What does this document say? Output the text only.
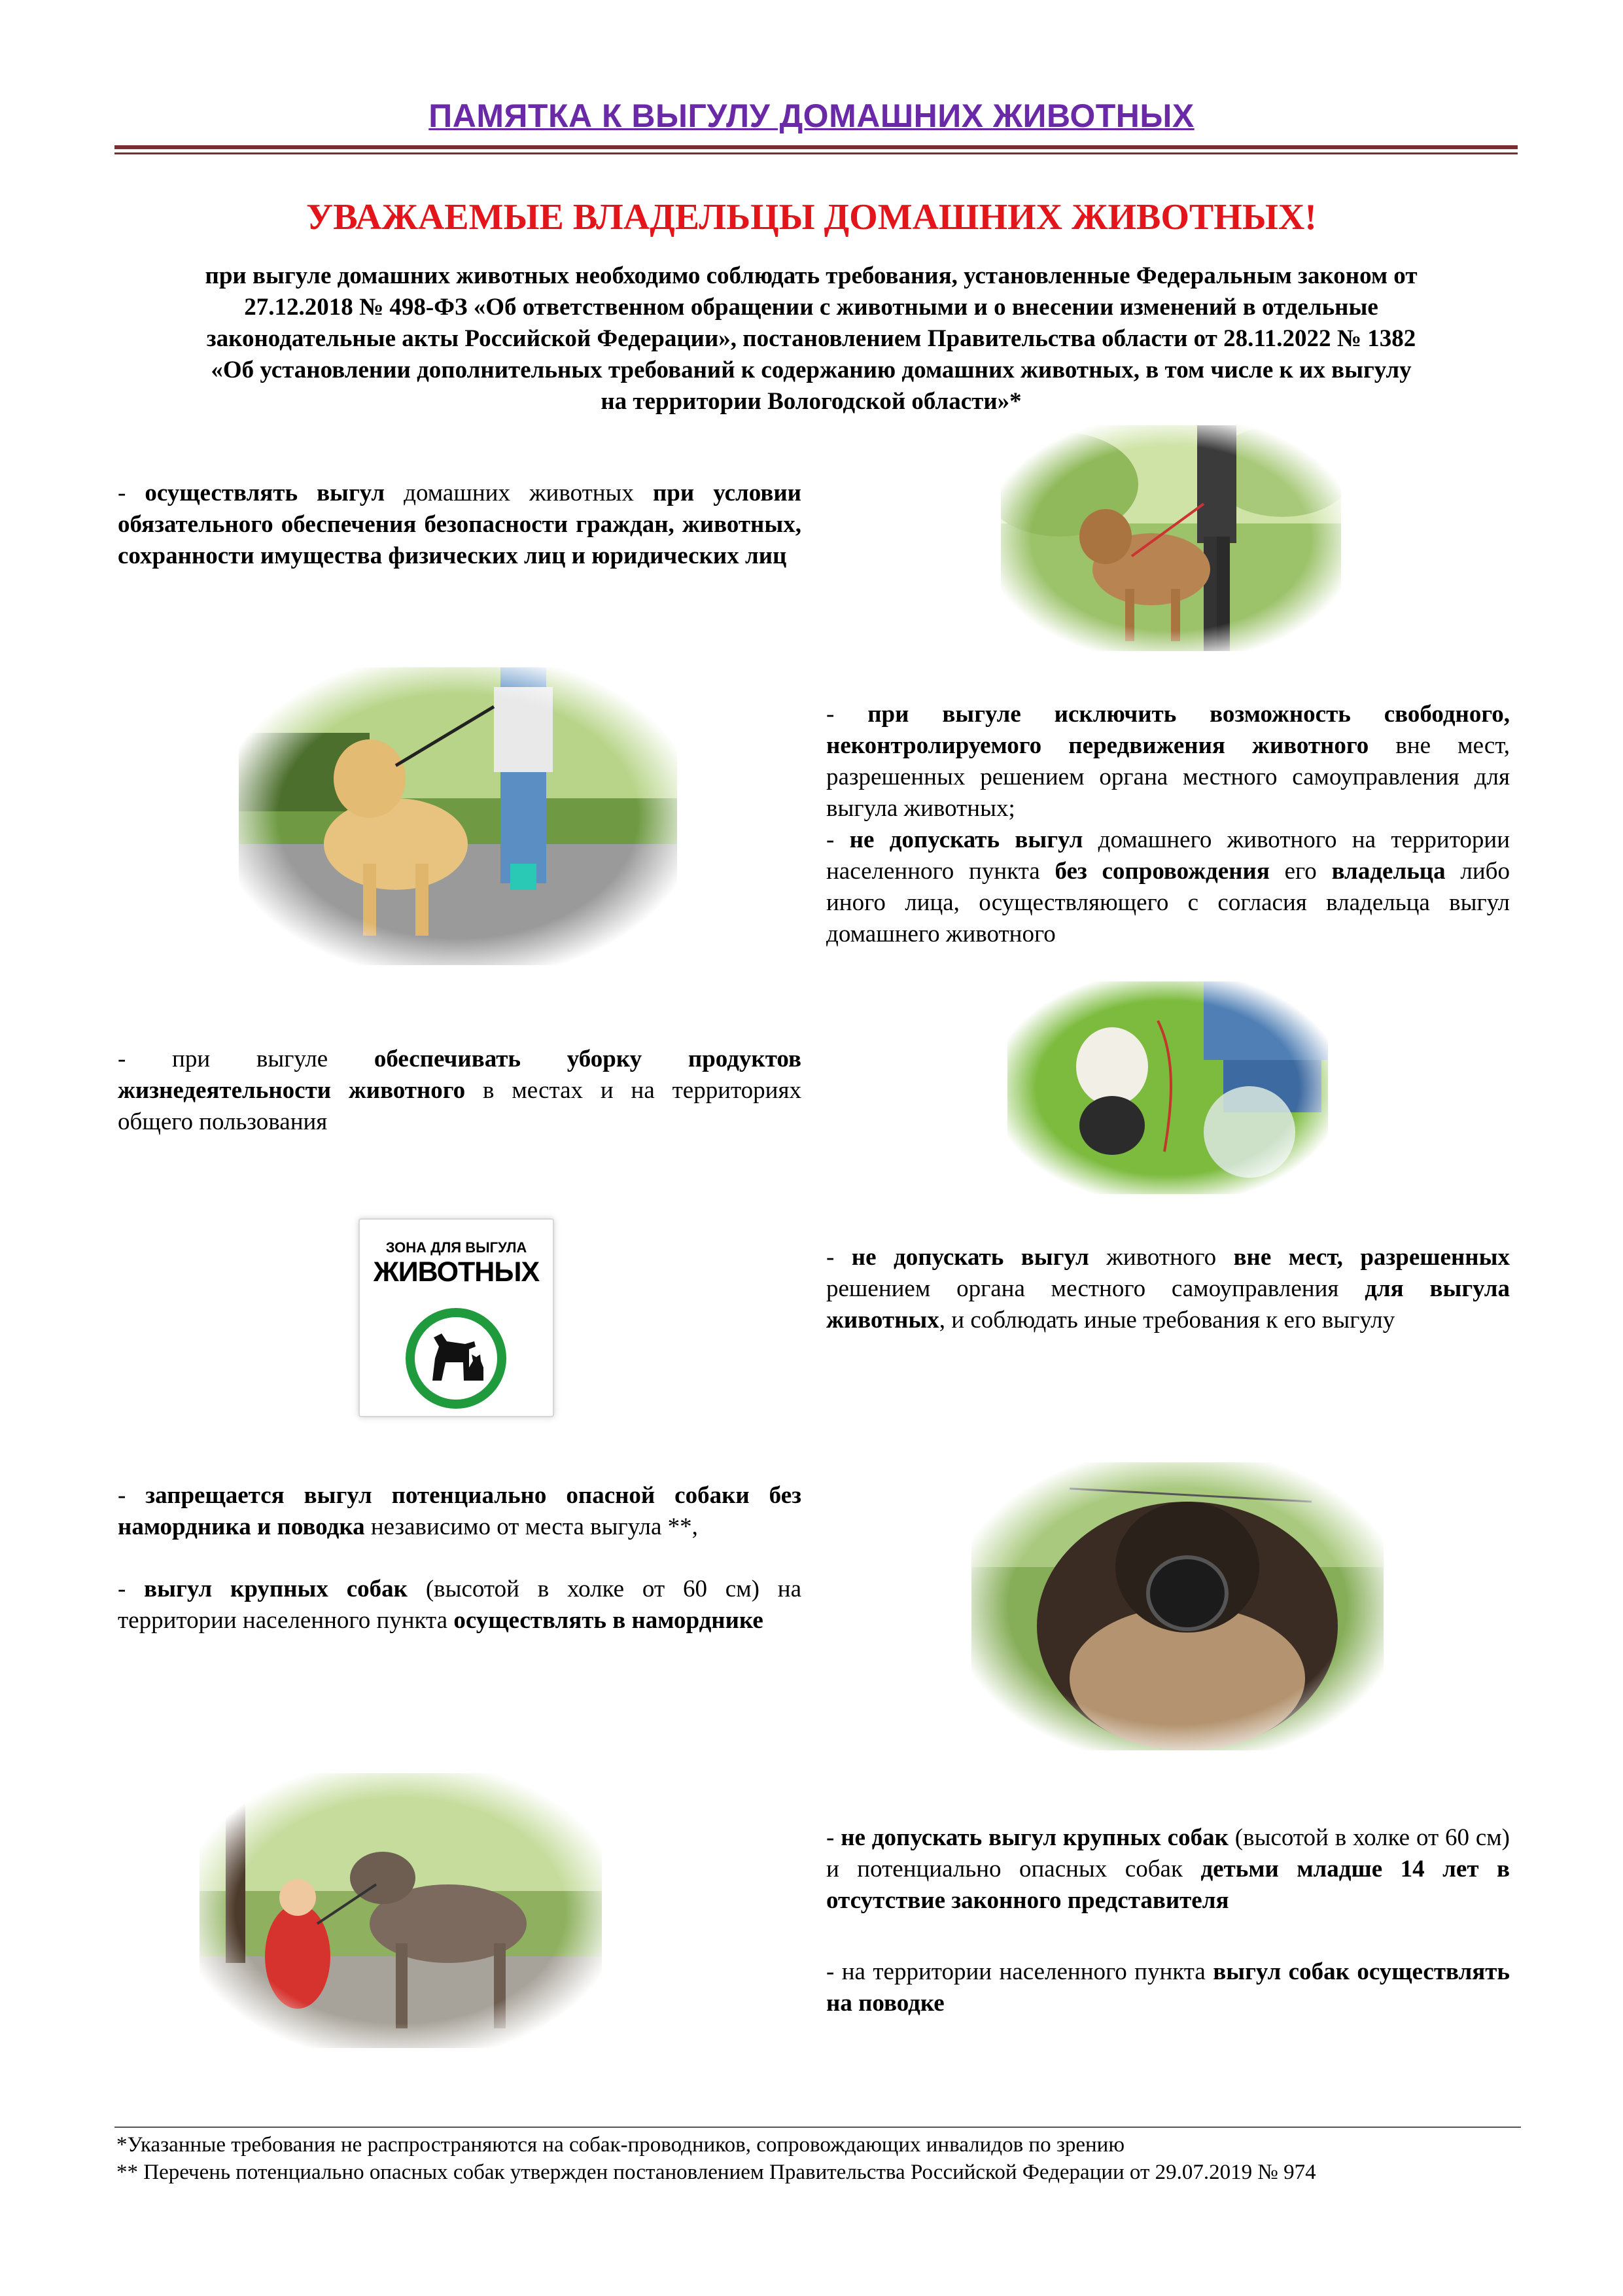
ПАМЯТКА К ВЫГУЛУ ДОМАШНИХ ЖИВОТНЫХ
УВАЖАЕМЫЕ ВЛАДЕЛЬЦЫ ДОМАШНИХ ЖИВОТНЫХ!
при выгуле домашних животных необходимо соблюдать требования, установленные Федеральным законом от
27.12.2018 № 498-ФЗ «Об ответственном обращении с животными и о внесении изменений в отдельные
законодательные акты Российской Федерации», постановлением Правительства области от 28.11.2022 № 1382
«Об установлении дополнительных требований к содержанию домашних животных, в том числе к их выгулу
на территории Вологодской области»*
- осуществлять выгул домашних животных при условии обязательного обеспечения безопасности граждан, животных, сохранности имущества физических лиц и юридических лиц
- при выгуле исключить возможность свободного, неконтролируемого передвижения животного вне мест, разрешенных решением органа местного самоуправления для выгула животных;
- не допускать выгул домашнего животного на территории населенного пункта без сопровождения его владельца либо иного лица, осуществляющего с согласия владельца выгул домашнего животного
- при выгуле обеспечивать уборку продуктов жизнедеятельности животного в местах и на территориях общего пользования
ЗОНА ДЛЯ ВЫГУЛА
ЖИВОТНЫХ	- не допускать выгул животного вне мест, разрешенных решением органа местного самоуправления для выгула животных, и соблюдать иные требования к его выгулу
- запрещается выгул потенциально опасной собаки без намордника и поводка независимо от места выгула **,
- выгул крупных собак (высотой в холке от 60 см) на территории населенного пункта осуществлять в наморднике
- не допускать выгул крупных собак (высотой в холке от 60 см) и потенциально опасных собак детьми младше 14 лет в отсутствие законного представителя
- на территории населенного пункта выгул собак осуществлять на поводке
*Указанные требования не распространяются на собак-проводников, сопровождающих инвалидов по зрению
** Перечень потенциально опасных собак утвержден постановлением Правительства Российской Федерации от 29.07.2019 № 974
